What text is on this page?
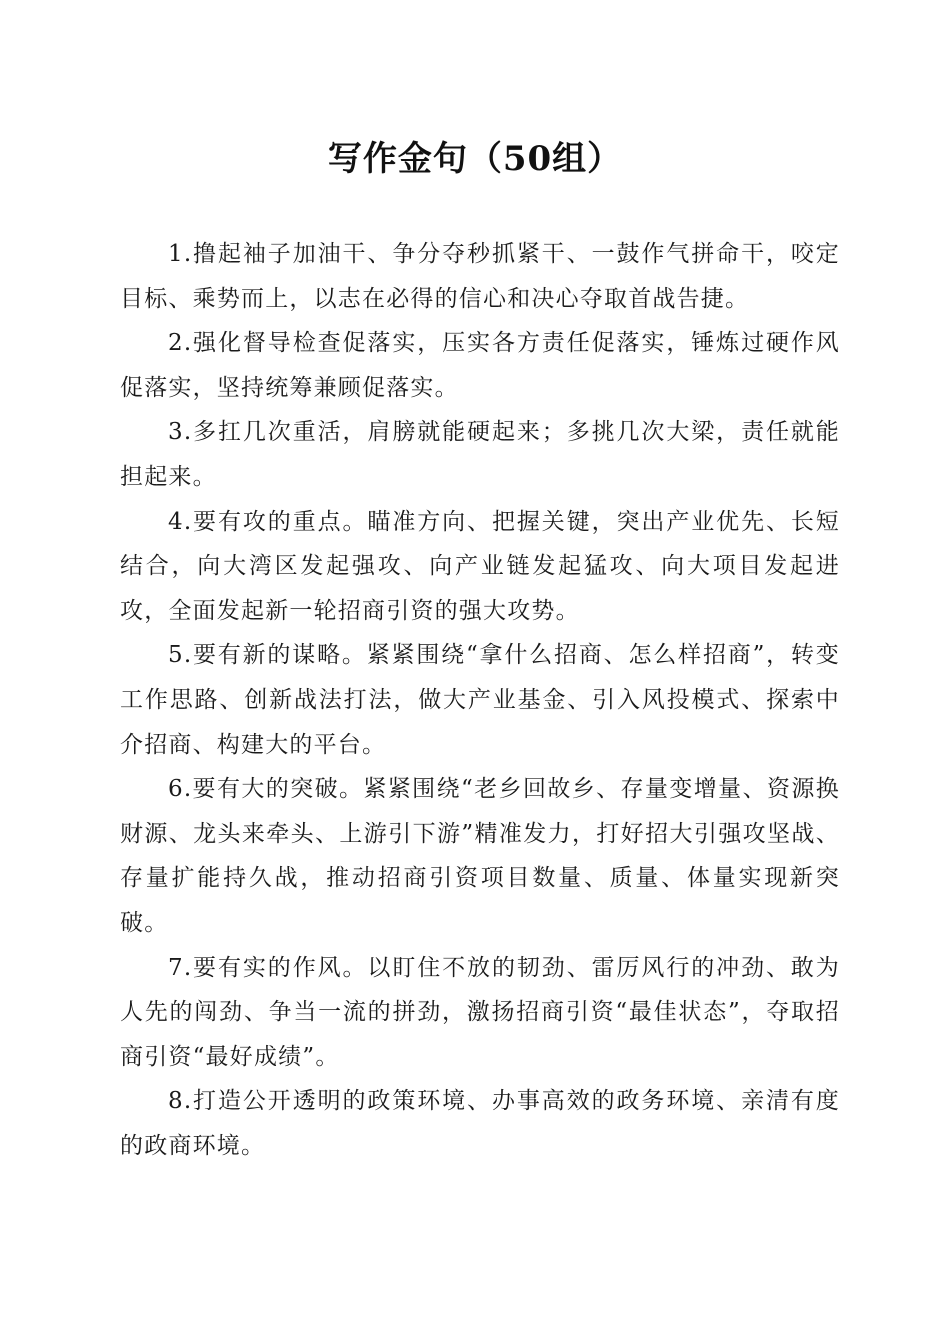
写作金句（50组）

1.撸起袖子加油干、争分夺秒抓紧干、一鼓作气拼命干，咬定目标、乘势而上，以志在必得的信心和决心夺取首战告捷。

2.强化督导检查促落实，压实各方责任促落实，锤炼过硬作风促落实，坚持统筹兼顾促落实。

3.多扛几次重活，肩膀就能硬起来；多挑几次大梁，责任就能担起来。

4.要有攻的重点。瞄准方向、把握关键，突出产业优先、长短结合，向大湾区发起强攻、向产业链发起猛攻、向大项目发起进攻，全面发起新一轮招商引资的强大攻势。

5.要有新的谋略。紧紧围绕“拿什么招商、怎么样招商”，转变工作思路、创新战法打法，做大产业基金、引入风投模式、探索中介招商、构建大的平台。

6.要有大的突破。紧紧围绕“老乡回故乡、存量变增量、资源换财源、龙头来牵头、上游引下游”精准发力，打好招大引强攻坚战、存量扩能持久战，推动招商引资项目数量、质量、体量实现新突破。

7.要有实的作风。以盯住不放的韧劲、雷厉风行的冲劲、敢为人先的闯劲、争当一流的拼劲，激扬招商引资“最佳状态”，夺取招商引资“最好成绩”。

8.打造公开透明的政策环境、办事高效的政务环境、亲清有度的政商环境。
